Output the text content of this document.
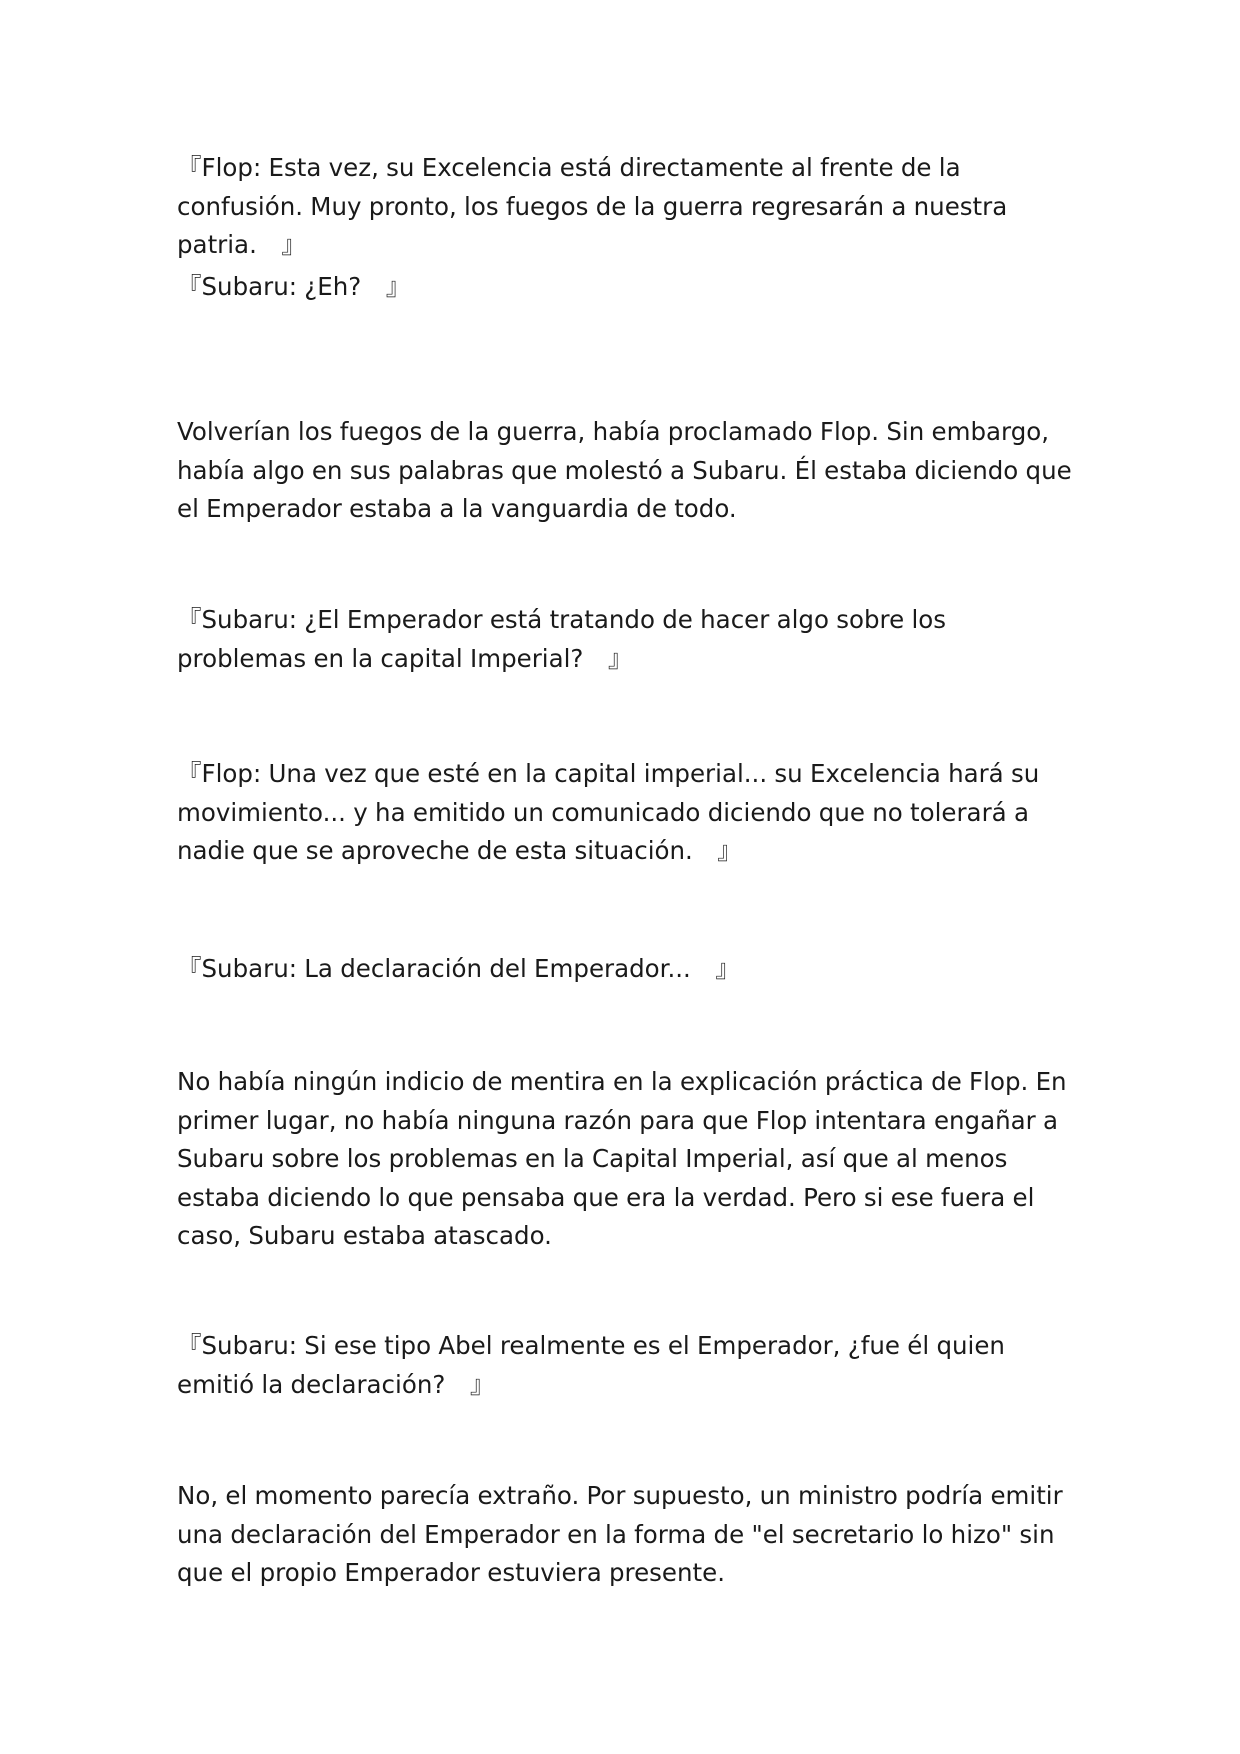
『Flop: Esta vez, su Excelencia está directamente al frente de la confusión. Muy pronto, los fuegos de la guerra regresarán a nuestra patria.　』

『Subaru: ¿Eh?　』

Volverían los fuegos de la guerra, había proclamado Flop. Sin embargo, había algo en sus palabras que molestó a Subaru. Él estaba diciendo que el Emperador estaba a la vanguardia de todo.

『Subaru: ¿El Emperador está tratando de hacer algo sobre los problemas en la capital Imperial?　』

『Flop: Una vez que esté en la capital imperial... su Excelencia hará su movimiento... y ha emitido un comunicado diciendo que no tolerará a nadie que se aproveche de esta situación.　』

『Subaru: La declaración del Emperador...　』

No había ningún indicio de mentira en la explicación práctica de Flop. En primer lugar, no había ninguna razón para que Flop intentara engañar a Subaru sobre los problemas en la Capital Imperial, así que al menos estaba diciendo lo que pensaba que era la verdad. Pero si ese fuera el caso, Subaru estaba atascado.

『Subaru: Si ese tipo Abel realmente es el Emperador, ¿fue él quien emitió la declaración?　』

No, el momento parecía extraño. Por supuesto, un ministro podría emitir una declaración del Emperador en la forma de "el secretario lo hizo" sin que el propio Emperador estuviera presente.
